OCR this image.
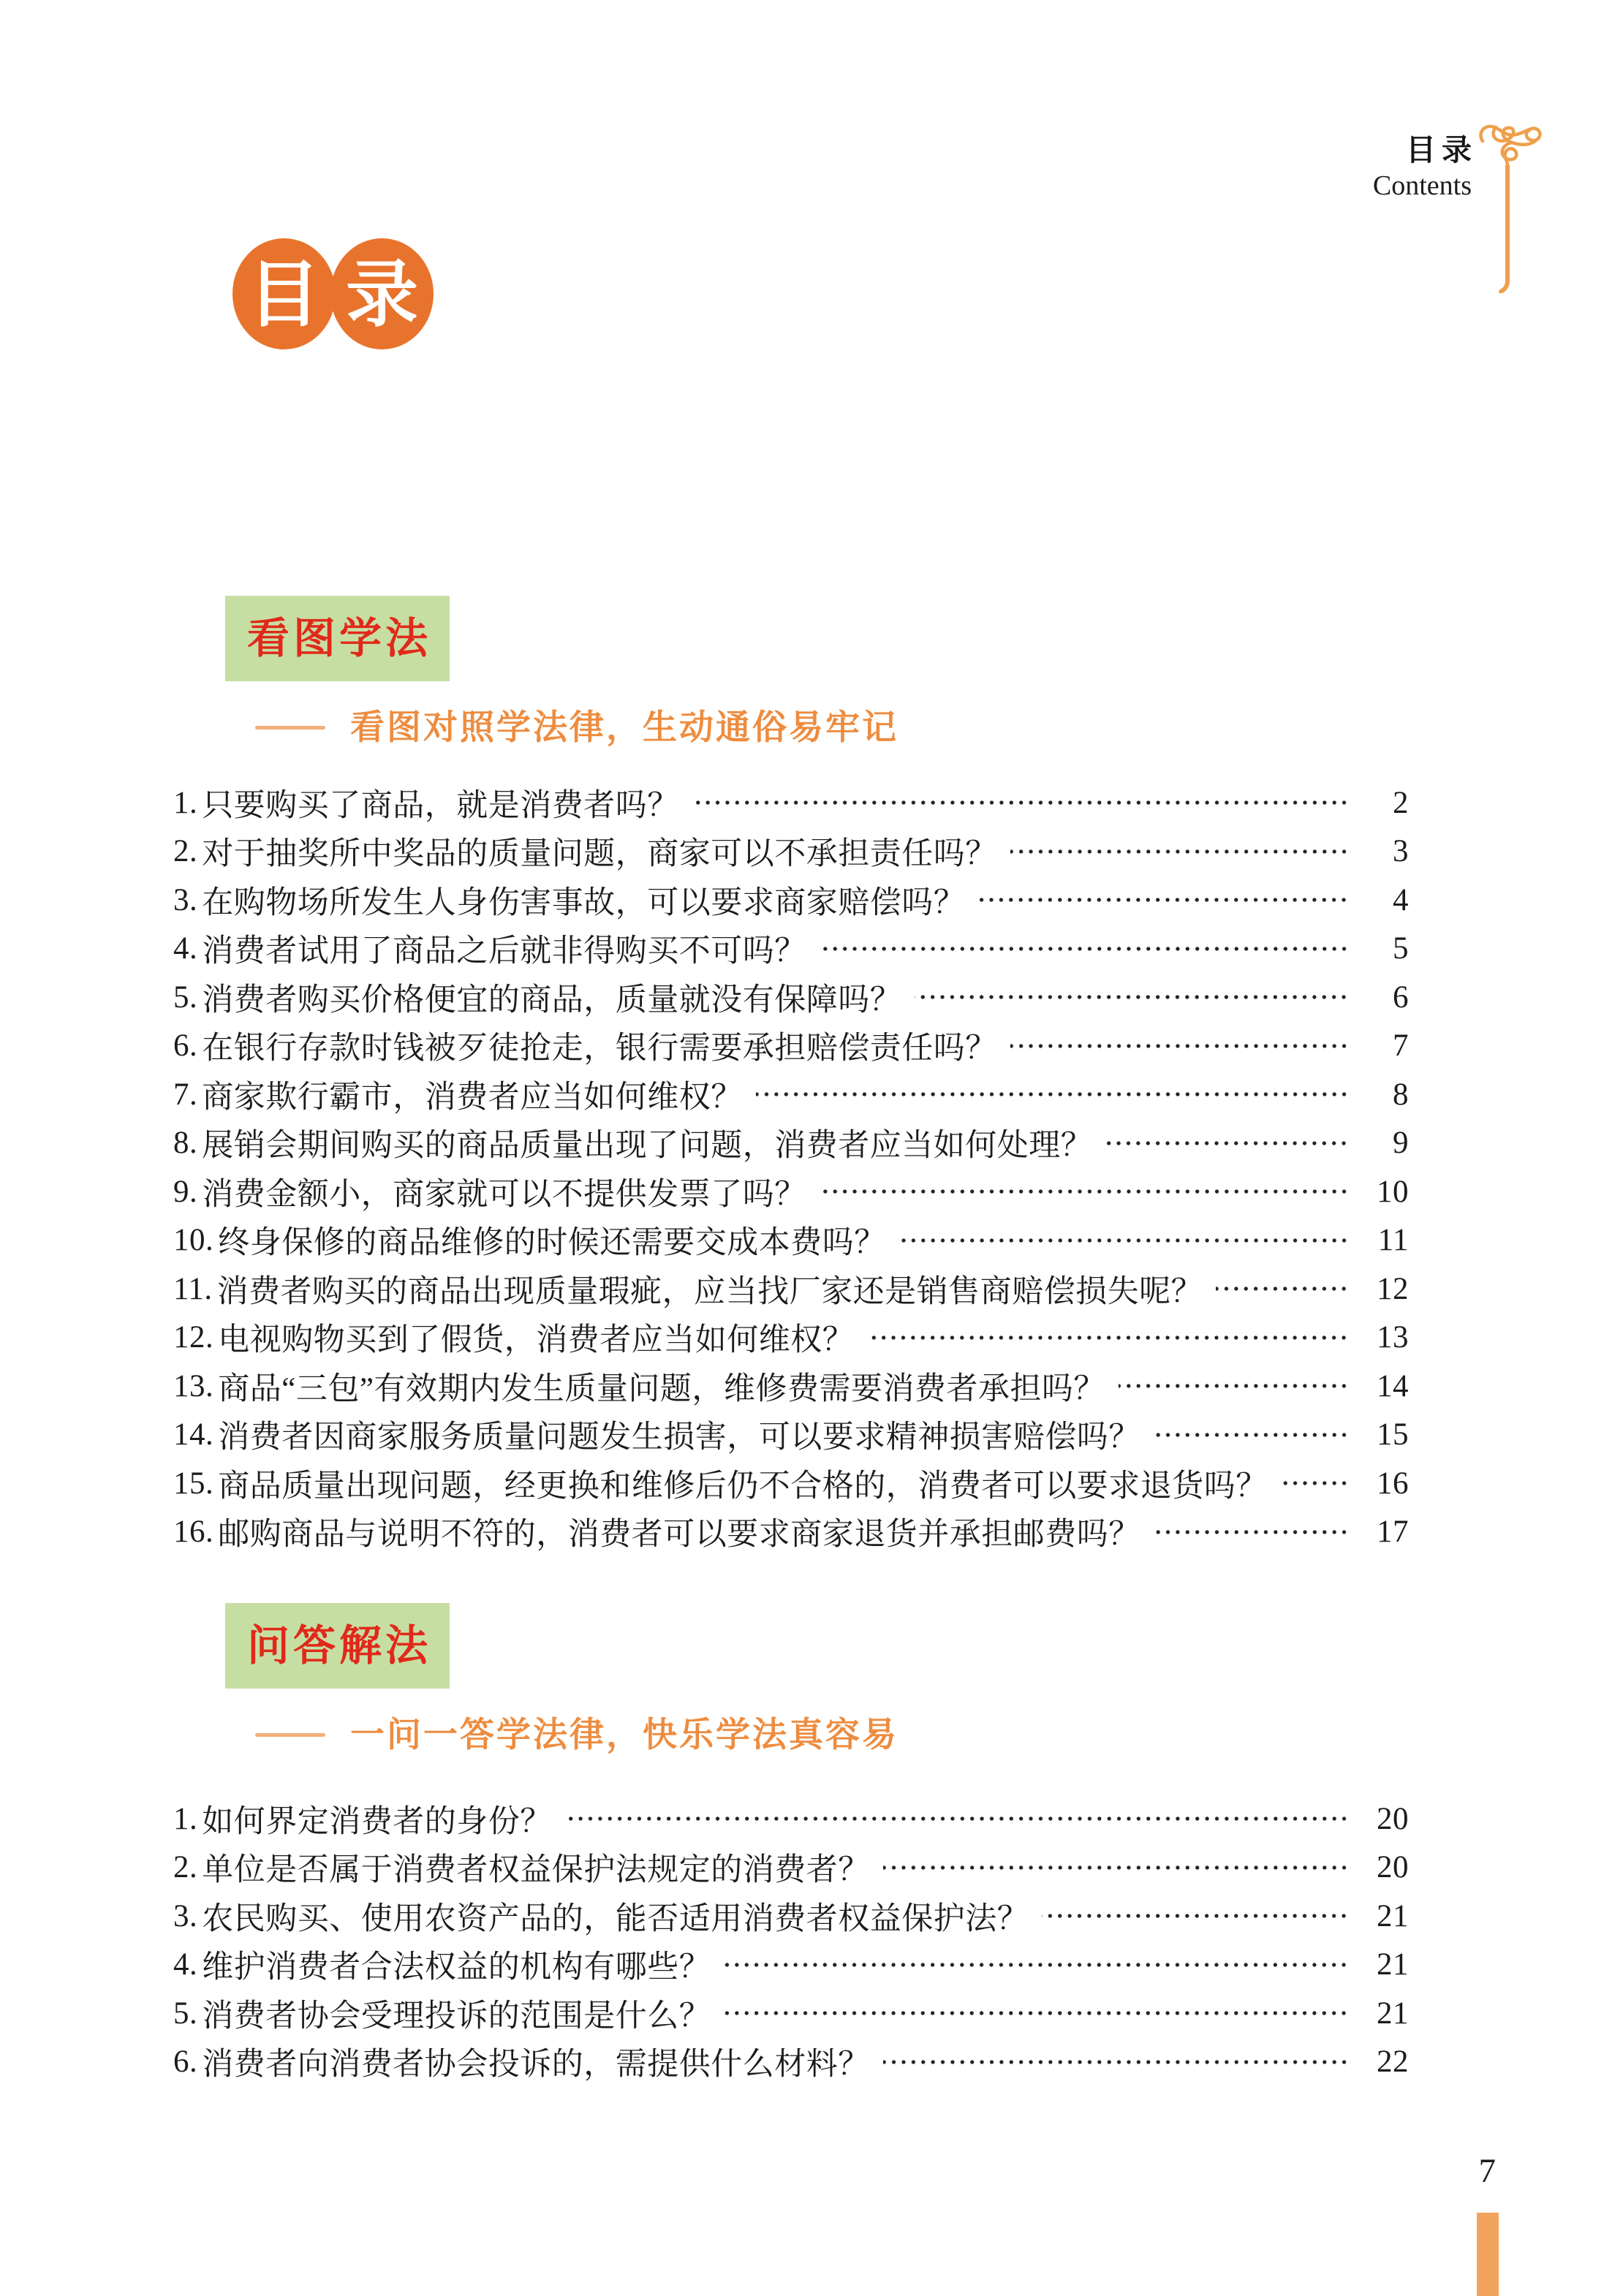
目录
Contents
目 录
看图学法
看图对照学法律，生动通俗易牢记
1. 只要购买了商品，就是消费者吗？	2
2. 对于抽奖所中奖品的质量问题，商家可以不承担责任吗？	3
3. 在购物场所发生人身伤害事故，可以要求商家赔偿吗？	4
4. 消费者试用了商品之后就非得购买不可吗？	5
5. 消费者购买价格便宜的商品，质量就没有保障吗？	6
6. 在银行存款时钱被歹徒抢走，银行需要承担赔偿责任吗？	7
7. 商家欺行霸市，消费者应当如何维权？	8
8. 展销会期间购买的商品质量出现了问题，消费者应当如何处理？	9
9. 消费金额小，商家就可以不提供发票了吗？	10
10. 终身保修的商品维修的时候还需要交成本费吗？	11
11. 消费者购买的商品出现质量瑕疵，应当找厂家还是销售商赔偿损失呢？	12
12. 电视购物买到了假货，消费者应当如何维权？	13
13. 商品“三包”有效期内发生质量问题，维修费需要消费者承担吗？	14
14. 消费者因商家服务质量问题发生损害，可以要求精神损害赔偿吗？	15
15. 商品质量出现问题，经更换和维修后仍不合格的，消费者可以要求退货吗？	16
16. 邮购商品与说明不符的，消费者可以要求商家退货并承担邮费吗？	17
问答解法
一问一答学法律，快乐学法真容易
1. 如何界定消费者的身份？	20
2. 单位是否属于消费者权益保护法规定的消费者？	20
3. 农民购买、使用农资产品的，能否适用消费者权益保护法？	21
4. 维护消费者合法权益的机构有哪些？	21
5. 消费者协会受理投诉的范围是什么？	21
6. 消费者向消费者协会投诉的，需提供什么材料？	22
7
